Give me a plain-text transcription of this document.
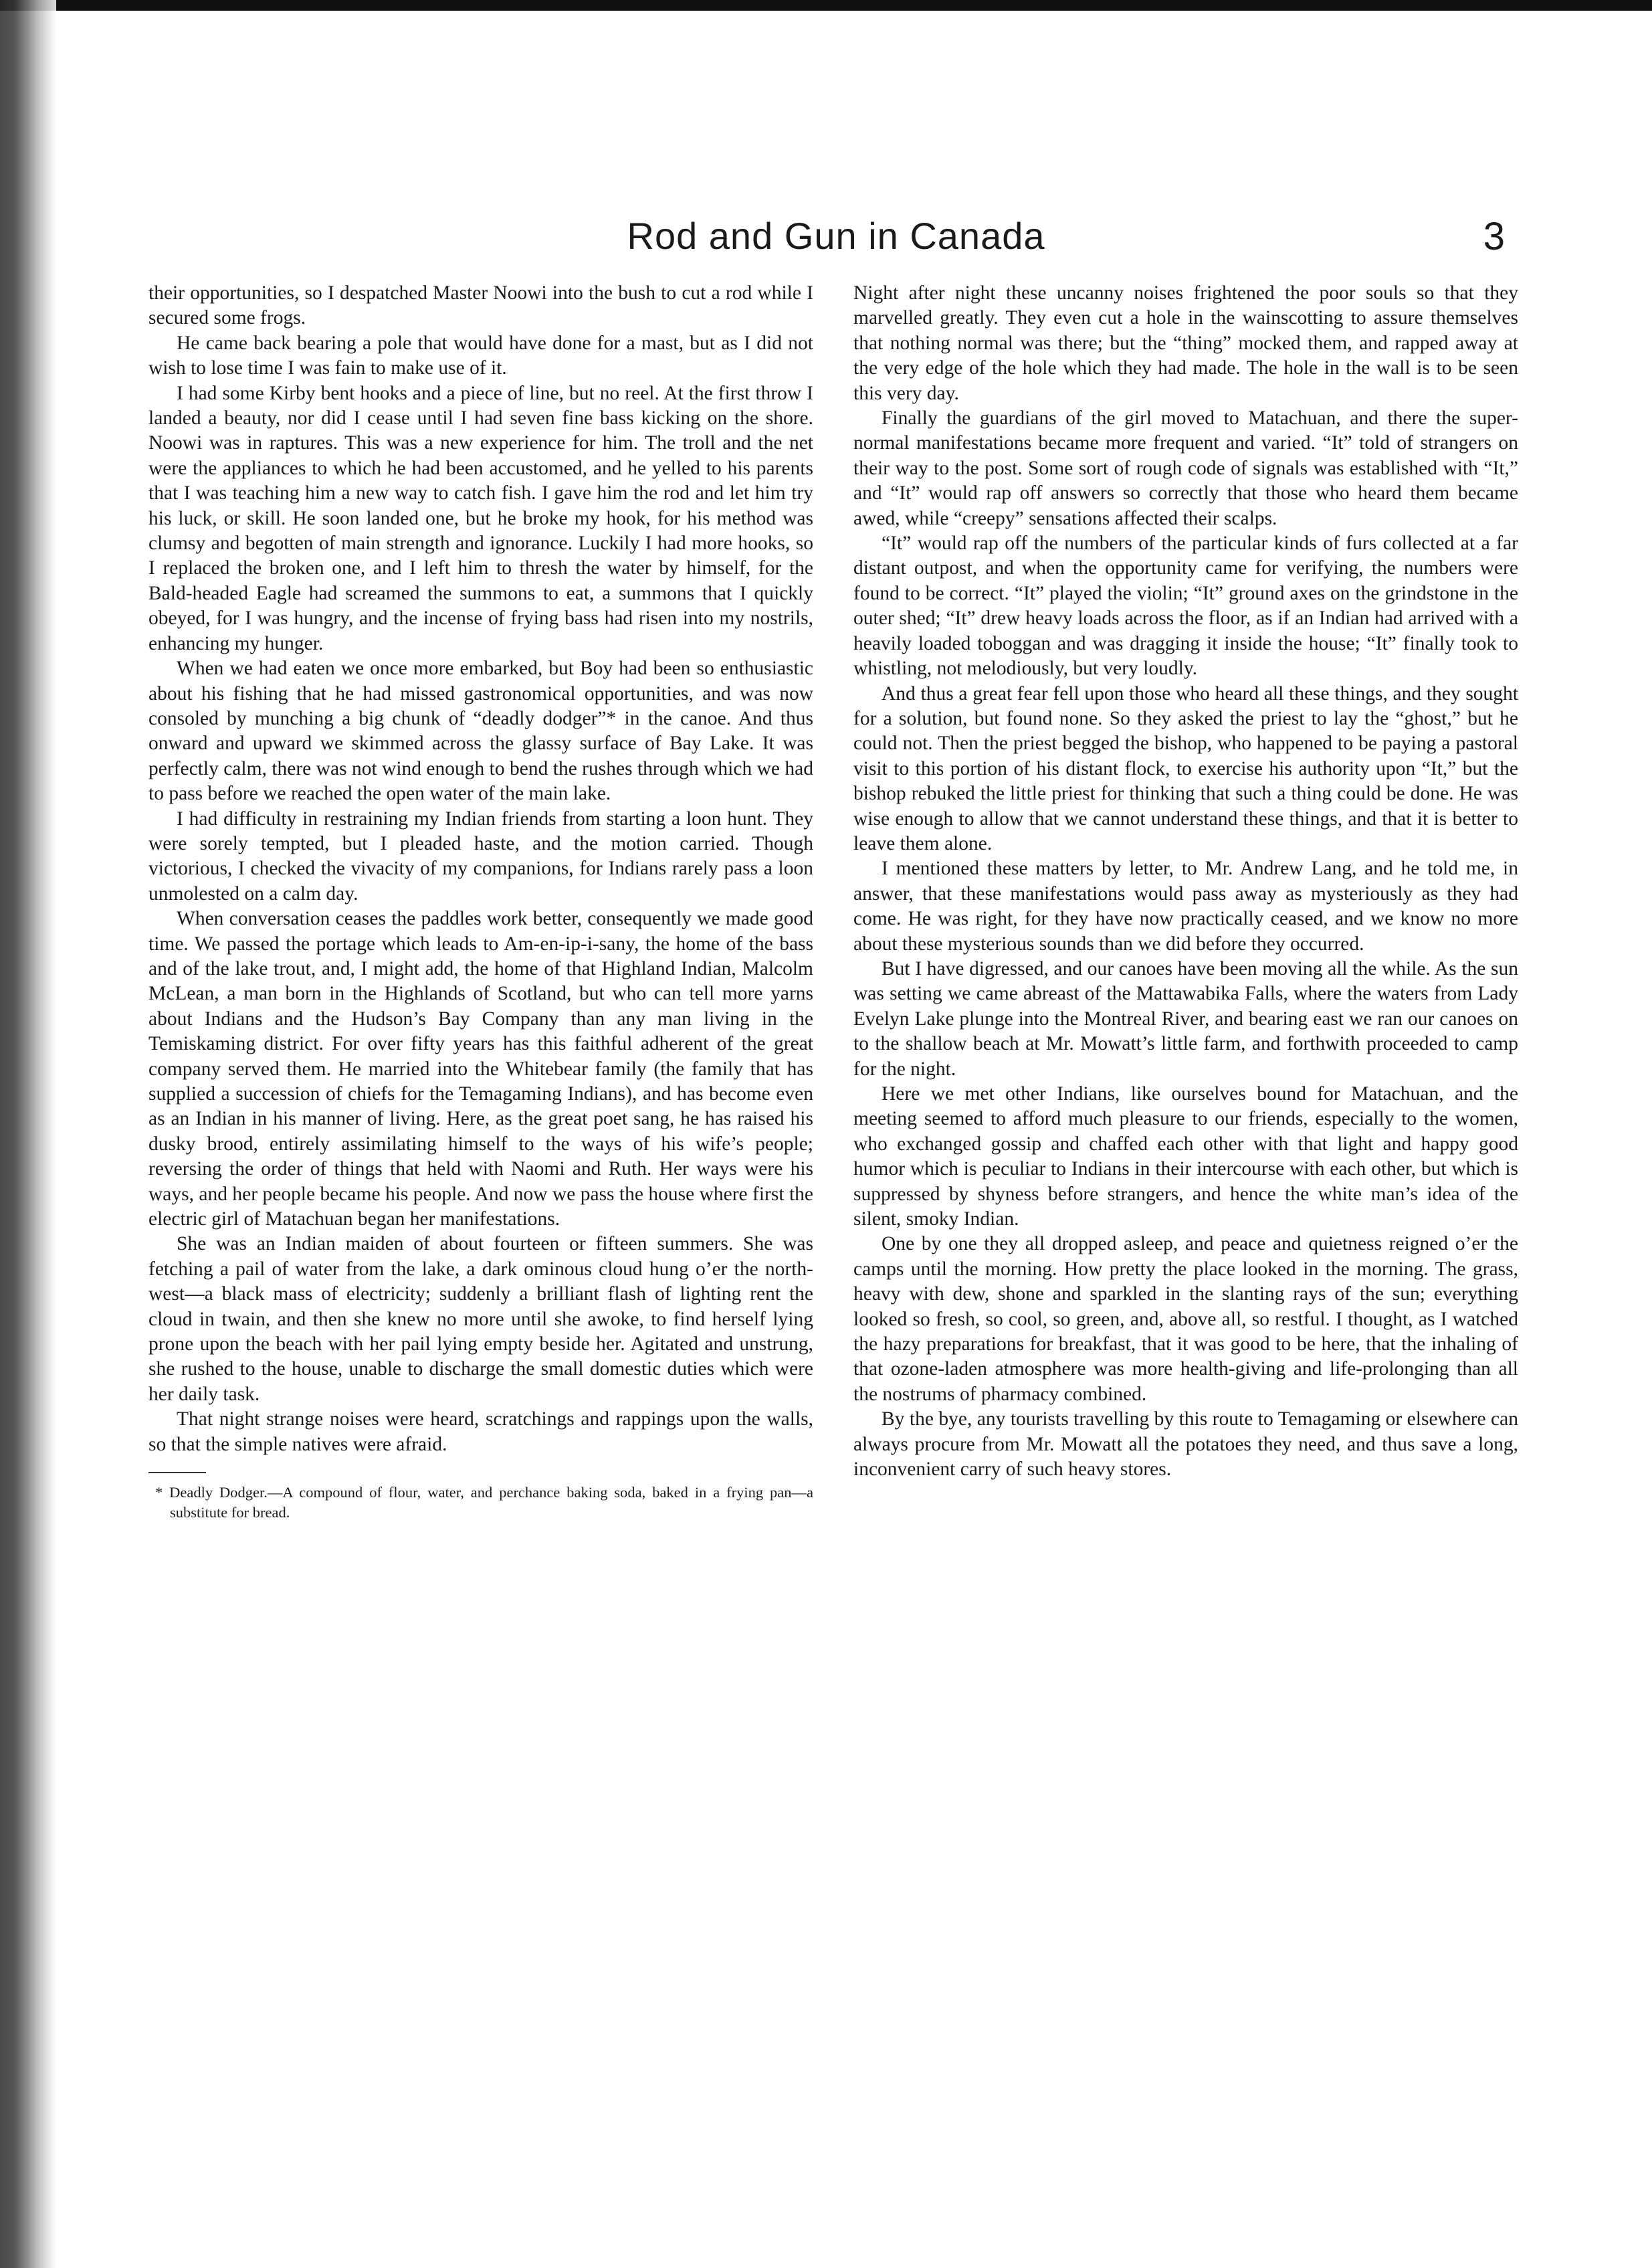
Rod and Gun in Canada	3

their opportunities, so I despatched Master Noowi into the bush to cut a rod while I secured some frogs.

He came back bearing a pole that would have done for a mast, but as I did not wish to lose time I was fain to make use of it.

I had some Kirby bent hooks and a piece of line, but no reel. At the first throw I landed a beauty, nor did I cease until I had seven fine bass kicking on the shore. Noowi was in raptures. This was a new experience for him. The troll and the net were the appliances to which he had been accustomed, and he yelled to his parents that I was teaching him a new way to catch fish. I gave him the rod and let him try his luck, or skill. He soon landed one, but he broke my hook, for his method was clumsy and begotten of main strength and ignorance. Luckily I had more hooks, so I replaced the broken one, and I left him to thresh the water by himself, for the Bald-headed Eagle had screamed the summons to eat, a summons that I quickly obeyed, for I was hungry, and the incense of frying bass had risen into my nostrils, enhancing my hunger.

When we had eaten we once more embarked, but Boy had been so enthusiastic about his fishing that he had missed gastronomical opportunities, and was now consoled by munching a big chunk of “deadly dodger”* in the canoe. And thus onward and upward we skimmed across the glassy surface of Bay Lake. It was perfectly calm, there was not wind enough to bend the rushes through which we had to pass before we reached the open water of the main lake.

I had difficulty in restraining my Indian friends from starting a loon hunt. They were sorely tempted, but I pleaded haste, and the motion carried. Though victorious, I checked the vivacity of my companions, for Indians rarely pass a loon unmolested on a calm day.

When conversation ceases the paddles work better, consequently we made good time. We passed the portage which leads to Am-en-ip-i-sany, the home of the bass and of the lake trout, and, I might add, the home of that Highland Indian, Malcolm McLean, a man born in the Highlands of Scotland, but who can tell more yarns about Indians and the Hudson’s Bay Company than any man living in the Temiskaming district. For over fifty years has this faithful adherent of the great company served them. He married into the Whitebear family (the family that has supplied a succession of chiefs for the Temagaming Indians), and has become even as an Indian in his manner of living. Here, as the great poet sang, he has raised his dusky brood, entirely assimilating himself to the ways of his wife’s people; reversing the order of things that held with Naomi and Ruth. Her ways were his ways, and her people became his people. And now we pass the house where first the electric girl of Matachuan began her manifestations.

She was an Indian maiden of about fourteen or fifteen summers. She was fetching a pail of water from the lake, a dark ominous cloud hung o’er the north-west—a black mass of electricity; suddenly a brilliant flash of lighting rent the cloud in twain, and then she knew no more until she awoke, to find herself lying prone upon the beach with her pail lying empty beside her. Agitated and unstrung, she rushed to the house, unable to discharge the small domestic duties which were her daily task.

That night strange noises were heard, scratchings and rappings upon the walls, so that the simple natives were afraid.

* Deadly Dodger.—A compound of flour, water, and perchance baking soda, baked in a frying pan—a substitute for bread.

Night after night these uncanny noises frightened the poor souls so that they marvelled greatly. They even cut a hole in the wainscotting to assure themselves that nothing normal was there; but the “thing” mocked them, and rapped away at the very edge of the hole which they had made. The hole in the wall is to be seen this very day.

Finally the guardians of the girl moved to Matachuan, and there the super-normal manifestations became more frequent and varied. “It” told of strangers on their way to the post. Some sort of rough code of signals was established with “It,” and “It” would rap off answers so correctly that those who heard them became awed, while “creepy” sensations affected their scalps.

“It” would rap off the numbers of the particular kinds of furs collected at a far distant outpost, and when the opportunity came for verifying, the numbers were found to be correct. “It” played the violin; “It” ground axes on the grindstone in the outer shed; “It” drew heavy loads across the floor, as if an Indian had arrived with a heavily loaded toboggan and was dragging it inside the house; “It” finally took to whistling, not melodiously, but very loudly.

And thus a great fear fell upon those who heard all these things, and they sought for a solution, but found none. So they asked the priest to lay the “ghost,” but he could not. Then the priest begged the bishop, who happened to be paying a pastoral visit to this portion of his distant flock, to exercise his authority upon “It,” but the bishop rebuked the little priest for thinking that such a thing could be done. He was wise enough to allow that we cannot understand these things, and that it is better to leave them alone.

I mentioned these matters by letter, to Mr. Andrew Lang, and he told me, in answer, that these manifestations would pass away as mysteriously as they had come. He was right, for they have now practically ceased, and we know no more about these mysterious sounds than we did before they occurred.

But I have digressed, and our canoes have been moving all the while. As the sun was setting we came abreast of the Mattawabika Falls, where the waters from Lady Evelyn Lake plunge into the Montreal River, and bearing east we ran our canoes on to the shallow beach at Mr. Mowatt’s little farm, and forthwith proceeded to camp for the night.

Here we met other Indians, like ourselves bound for Matachuan, and the meeting seemed to afford much pleasure to our friends, especially to the women, who exchanged gossip and chaffed each other with that light and happy good humor which is peculiar to Indians in their intercourse with each other, but which is suppressed by shyness before strangers, and hence the white man’s idea of the silent, smoky Indian.

One by one they all dropped asleep, and peace and quietness reigned o’er the camps until the morning. How pretty the place looked in the morning. The grass, heavy with dew, shone and sparkled in the slanting rays of the sun; everything looked so fresh, so cool, so green, and, above all, so restful. I thought, as I watched the hazy preparations for breakfast, that it was good to be here, that the inhaling of that ozone-laden atmosphere was more health-giving and life-prolonging than all the nostrums of pharmacy combined.

By the bye, any tourists travelling by this route to Temagaming or elsewhere can always procure from Mr. Mowatt all the potatoes they need, and thus save a long, inconvenient carry of such heavy stores.
